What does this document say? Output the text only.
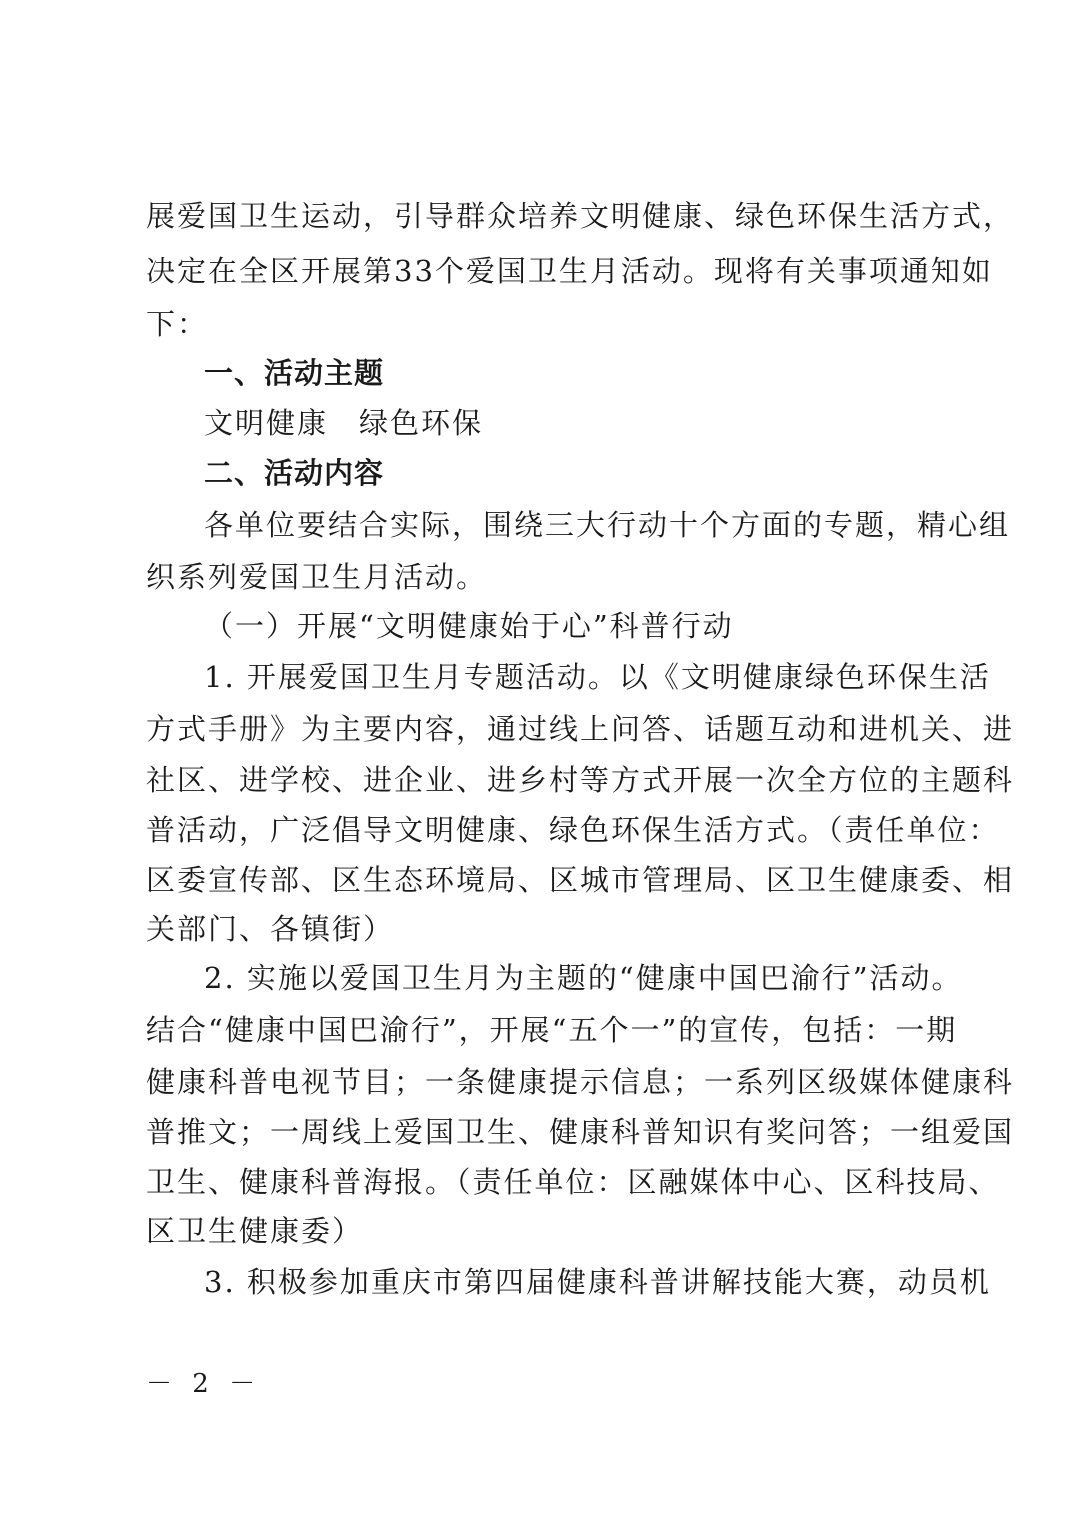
展爱国卫生运动，引导群众培养文明健康、绿色环保生活方式，
决定在全区开展第33个爱国卫生月活动。现将有关事项通知如
下：
一、活动主题
文明健康　绿色环保
二、活动内容
各单位要结合实际，围绕三大行动十个方面的专题，精心组
织系列爱国卫生月活动。
（一）开展“文明健康始于心”科普行动
1. 开展爱国卫生月专题活动。以《文明健康绿色环保生活
方式手册》为主要内容，通过线上问答、话题互动和进机关、进
社区、进学校、进企业、进乡村等方式开展一次全方位的主题科
普活动，广泛倡导文明健康、绿色环保生活方式。（责任单位：
区委宣传部、区生态环境局、区城市管理局、区卫生健康委、相
关部门、各镇街）
2. 实施以爱国卫生月为主题的“健康中国巴渝行”活动。
结合“健康中国巴渝行”，开展“五个一”的宣传，包括：一期
健康科普电视节目；一条健康提示信息；一系列区级媒体健康科
普推文；一周线上爱国卫生、健康科普知识有奖问答；一组爱国
卫生、健康科普海报。（责任单位：区融媒体中心、区科技局、
区卫生健康委）
3. 积极参加重庆市第四届健康科普讲解技能大赛，动员机
－ 2 －
